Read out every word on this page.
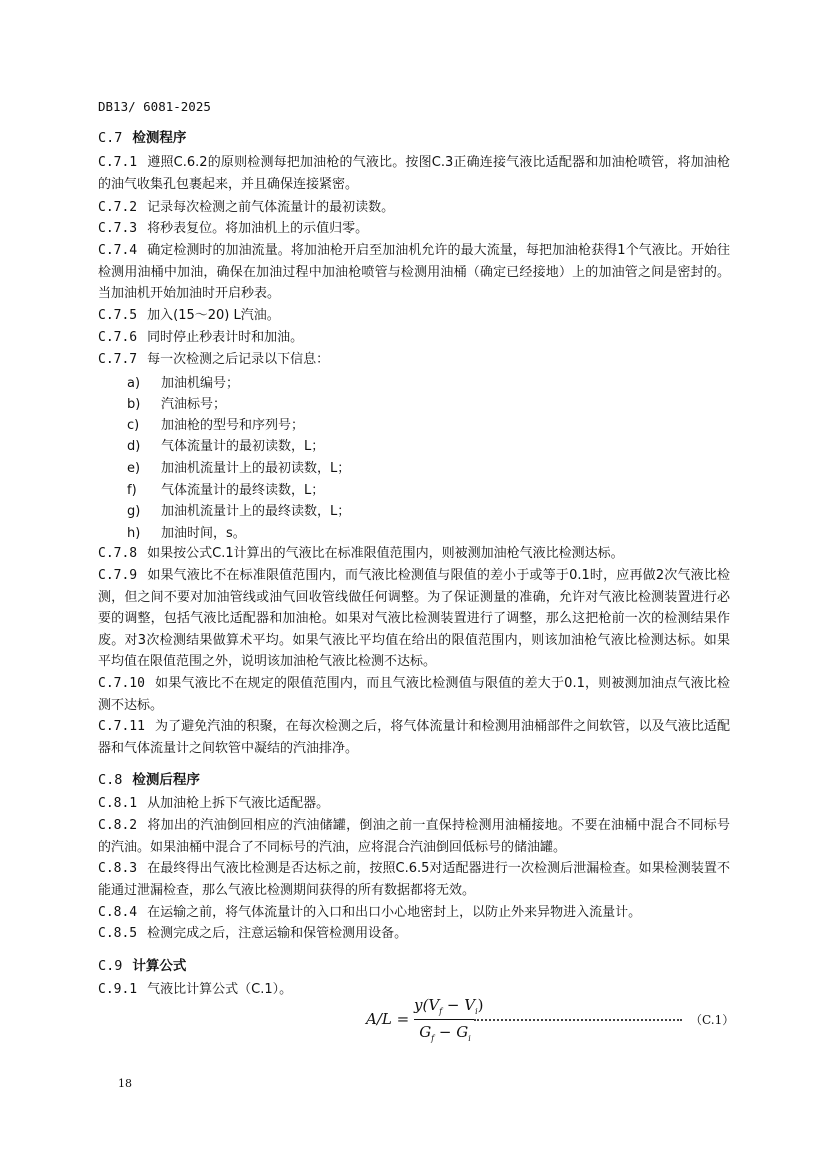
DB13/ 6081-2025
C.7 检测程序
C.7.1 遵照C.6.2的原则检测每把加油枪的气液比。按图C.3正确连接气液比适配器和加油枪喷管，将加油枪的油气收集孔包裹起来，并且确保连接紧密。
C.7.2 记录每次检测之前气体流量计的最初读数。
C.7.3 将秒表复位。将加油机上的示值归零。
C.7.4 确定检测时的加油流量。将加油枪开启至加油机允许的最大流量，每把加油枪获得1个气液比。开始往检测用油桶中加油，确保在加油过程中加油枪喷管与检测用油桶（确定已经接地）上的加油管之间是密封的。当加油机开始加油时开启秒表。
C.7.5 加入(15～20) L汽油。
C.7.6 同时停止秒表计时和加油。
C.7.7 每一次检测之后记录以下信息：
a) 加油机编号；
b) 汽油标号；
c) 加油枪的型号和序列号；
d) 气体流量计的最初读数，L；
e) 加油机流量计上的最初读数，L；
f) 气体流量计的最终读数，L；
g) 加油机流量计上的最终读数，L；
h) 加油时间，s。
C.7.8 如果按公式C.1计算出的气液比在标准限值范围内，则被测加油枪气液比检测达标。
C.7.9 如果气液比不在标准限值范围内，而气液比检测值与限值的差小于或等于0.1时，应再做2次气液比检测，但之间不要对加油管线或油气回收管线做任何调整。为了保证测量的准确，允许对气液比检测装置进行必要的调整，包括气液比适配器和加油枪。如果对气液比检测装置进行了调整，那么这把枪前一次的检测结果作废。对3次检测结果做算术平均。如果气液比平均值在给出的限值范围内，则该加油枪气液比检测达标。如果平均值在限值范围之外，说明该加油枪气液比检测不达标。
C.7.10 如果气液比不在规定的限值范围内，而且气液比检测值与限值的差大于0.1，则被测加油点气液比检测不达标。
C.7.11 为了避免汽油的积聚，在每次检测之后，将气体流量计和检测用油桶部件之间软管，以及气液比适配器和气体流量计之间软管中凝结的汽油排净。
C.8 检测后程序
C.8.1 从加油枪上拆下气液比适配器。
C.8.2 将加出的汽油倒回相应的汽油储罐，倒油之前一直保持检测用油桶接地。不要在油桶中混合不同标号的汽油。如果油桶中混合了不同标号的汽油，应将混合汽油倒回低标号的储油罐。
C.8.3 在最终得出气液比检测是否达标之前，按照C.6.5对适配器进行一次检测后泄漏检查。如果检测装置不能通过泄漏检查，那么气液比检测期间获得的所有数据都将无效。
C.8.4 在运输之前，将气体流量计的入口和出口小心地密封上，以防止外来异物进入流量计。
C.8.5 检测完成之后，注意运输和保管检测用设备。
C.9 计算公式
C.9.1 气液比计算公式（C.1）。
A/L =
$y(V_f - V_i)$
$G_f - G_i$
（C.1）
18
